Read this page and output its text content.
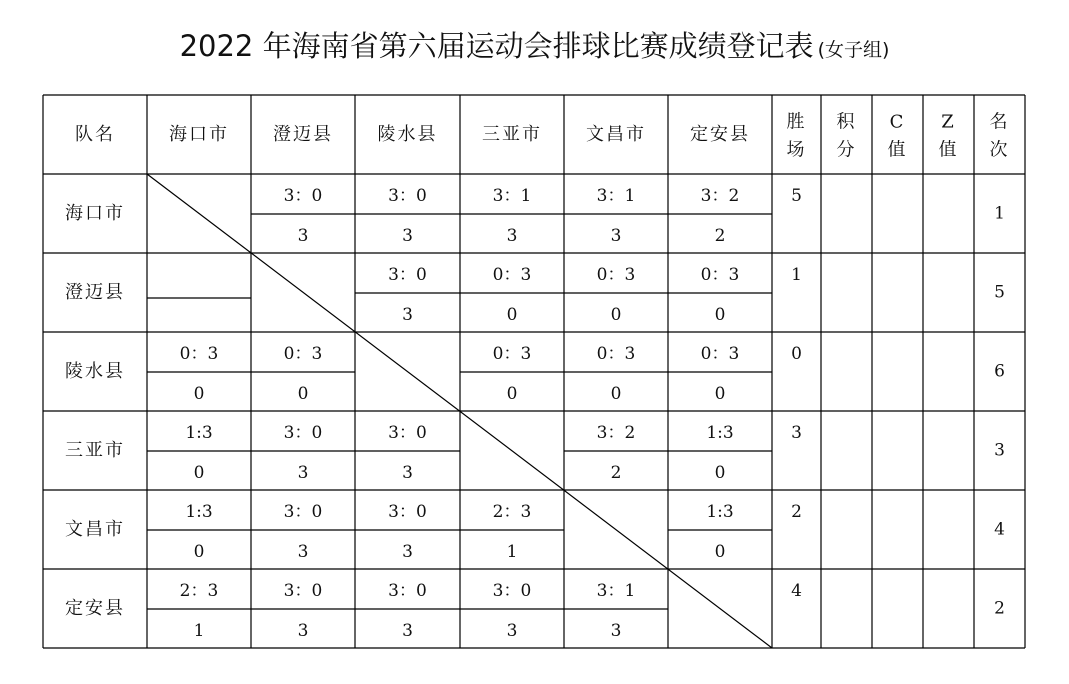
2022 年海南省第六届运动会排球比赛成绩登记表 (女子组)
队名	海口市 澄迈县 陵水县 三亚市 文昌市 定安县
胜
场
积
分
C
值
Z
值
名
次
海口市
3：0
3
3：0
3
3：1
3
3：1
3
3：2
2
5
1
澄迈县
3：0
3
0：3
0
0：3
0
0：3
0
1
5
陵水县
0：3
0
0：3
0
0：3
0
0：3
0
0：3
0
0
6
三亚市
1:3
0
3：0
3
3：0
3
3：2
2
1:3
0
3
3
文昌市
1:3
0
3：0
3
3：0
3
2：3
1
1:3
0
2
4
定安县
2：3
1
3：0
3
3：0
3
3：0
3
3：1
3
4
2
